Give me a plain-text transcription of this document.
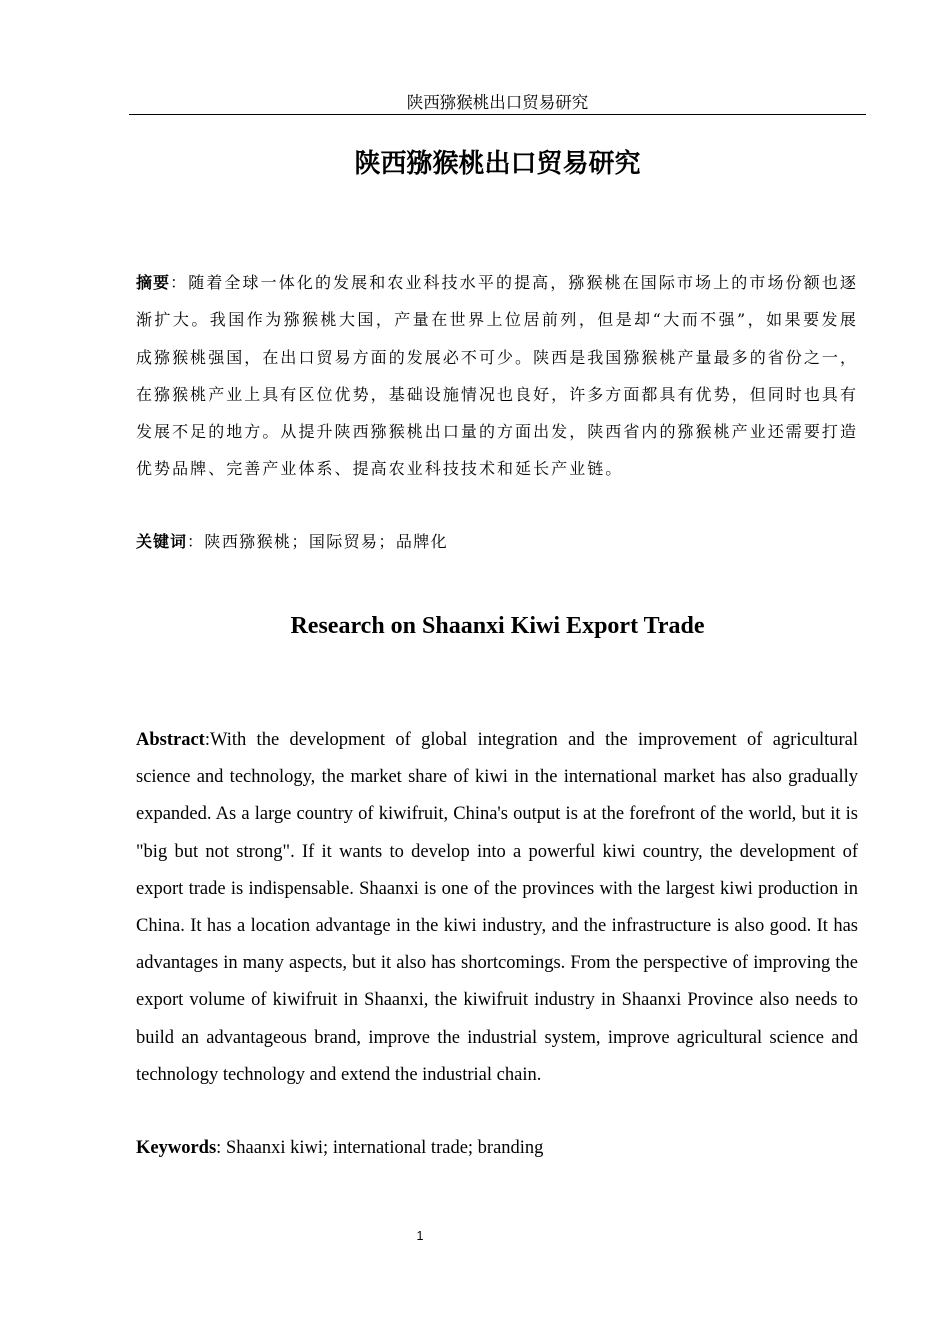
陕西猕猴桃出口贸易研究
陕西猕猴桃出口贸易研究
摘要：随着全球一体化的发展和农业科技水平的提高，猕猴桃在国际市场上的市场份额也逐渐扩大。我国作为猕猴桃大国，产量在世界上位居前列，但是却“大而不强”，如果要发展成猕猴桃强国，在出口贸易方面的发展必不可少。陕西是我国猕猴桃产量最多的省份之一，在猕猴桃产业上具有区位优势，基础设施情况也良好，许多方面都具有优势，但同时也具有发展不足的地方。从提升陕西猕猴桃出口量的方面出发，陕西省内的猕猴桃产业还需要打造优势品牌、完善产业体系、提高农业科技技术和延长产业链。
关键词：陕西猕猴桃；国际贸易；品牌化
Research on Shaanxi Kiwi Export Trade
Abstract:With the development of global integration and the improvement of agricultural science and technology, the market share of kiwi in the international market has also gradually expanded. As a large country of kiwifruit, China's output is at the forefront of the world, but it is "big but not strong". If it wants to develop into a powerful kiwi country, the development of export trade is indispensable. Shaanxi is one of the provinces with the largest kiwi production in China. It has a location advantage in the kiwi industry, and the infrastructure is also good. It has advantages in many aspects, but it also has shortcomings. From the perspective of improving the export volume of kiwifruit in Shaanxi, the kiwifruit industry in Shaanxi Province also needs to build an advantageous brand, improve the industrial system, improve agricultural science and technology technology and extend the industrial chain.
Keywords: Shaanxi kiwi; international trade; branding
1
